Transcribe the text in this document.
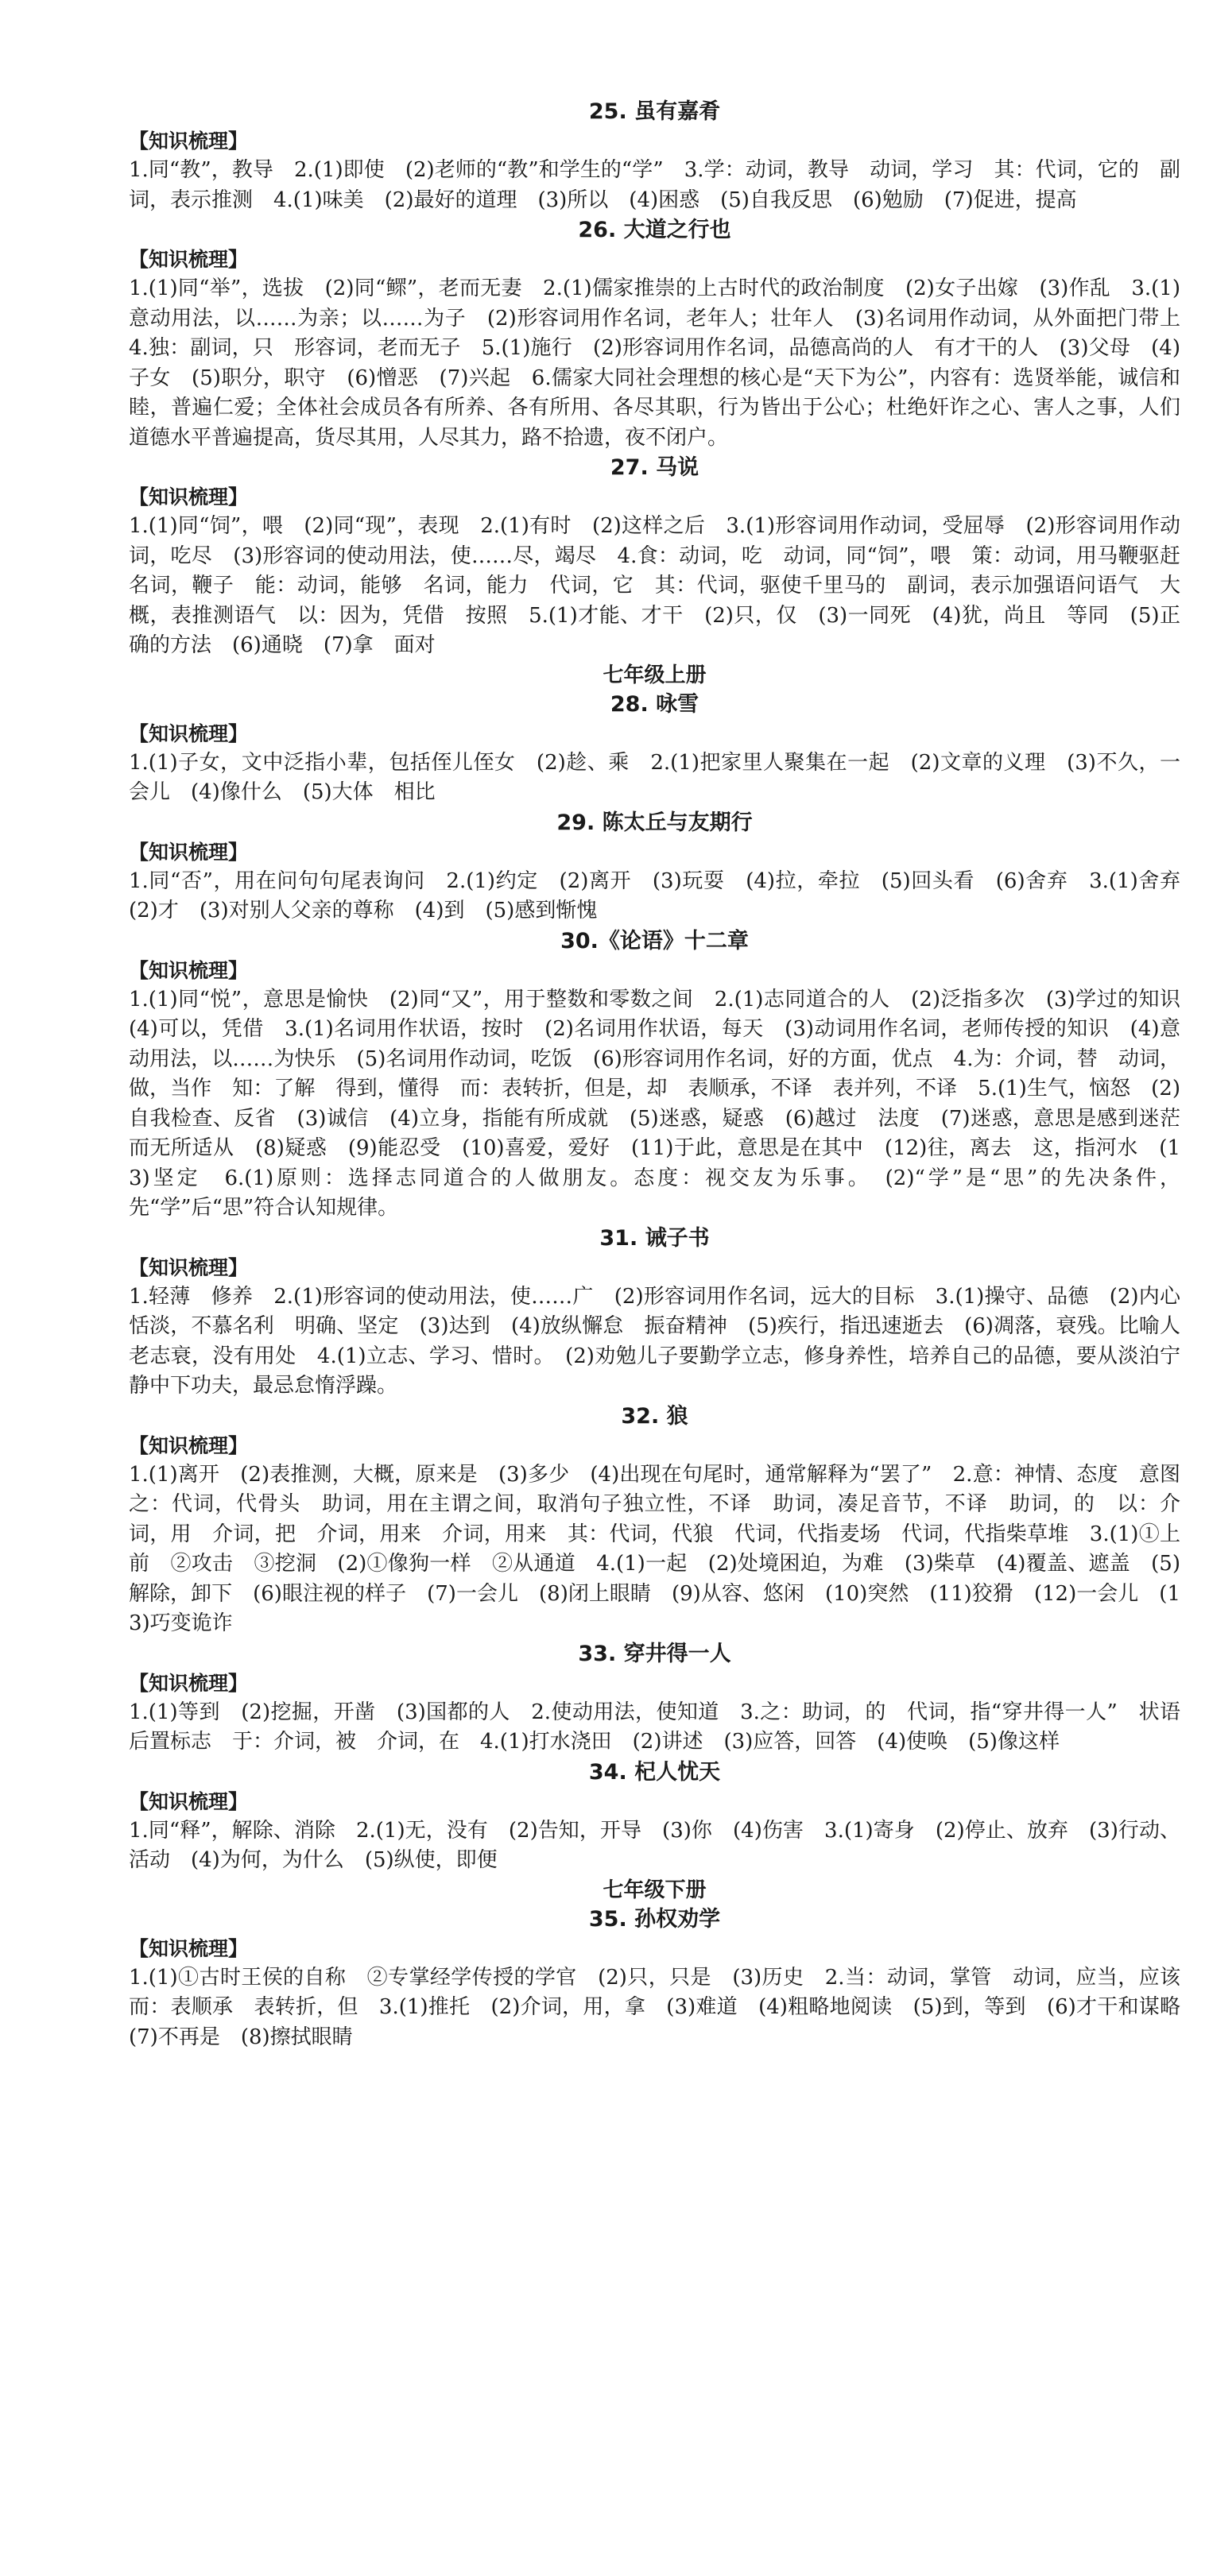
25. 虽有嘉肴

【知识梳理】

1.同“教”，教导　2.(1)即使　(2)老师的“教”和学生的“学”　3.学：动词，教导　动词，学习　其：代词，它的　副词，表示推测　4.(1)味美　(2)最好的道理　(3)所以　(4)困惑　(5)自我反思　(6)勉励　(7)促进，提高

26. 大道之行也

【知识梳理】

1.(1)同“举”，选拔　(2)同“鳏”，老而无妻　2.(1)儒家推崇的上古时代的政治制度　(2)女子出嫁　(3)作乱　3.(1)意动用法，以……为亲；以……为子　(2)形容词用作名词，老年人；壮年人　(3)名词用作动词，从外面把门带上　4.独：副词，只　形容词，老而无子　5.(1)施行　(2)形容词用作名词，品德高尚的人　有才干的人　(3)父母　(4)子女　(5)职分，职守　(6)憎恶　(7)兴起　6.儒家大同社会理想的核心是“天下为公”，内容有：选贤举能，诚信和睦，普遍仁爱；全体社会成员各有所养、各有所用、各尽其职，行为皆出于公心；杜绝奸诈之心、害人之事，人们道德水平普遍提高，货尽其用，人尽其力，路不拾遗，夜不闭户。

27. 马说

【知识梳理】

1.(1)同“饲”，喂　(2)同“现”，表现　2.(1)有时　(2)这样之后　3.(1)形容词用作动词，受屈辱　(2)形容词用作动词，吃尽　(3)形容词的使动用法，使……尽，竭尽　4.食：动词，吃　动词，同“饲”，喂　策：动词，用马鞭驱赶　名词，鞭子　能：动词，能够　名词，能力　代词，它　其：代词，驱使千里马的　副词，表示加强语问语气　大概，表推测语气　以：因为，凭借　按照　5.(1)才能、才干　(2)只，仅　(3)一同死　(4)犹，尚且　等同　(5)正确的方法　(6)通晓　(7)拿　面对

七年级上册

28. 咏雪

【知识梳理】

1.(1)子女，文中泛指小辈，包括侄儿侄女　(2)趁、乘　2.(1)把家里人聚集在一起　(2)文章的义理　(3)不久，一会儿　(4)像什么　(5)大体　相比

29. 陈太丘与友期行

【知识梳理】

1.同“否”，用在问句句尾表询问　2.(1)约定　(2)离开　(3)玩耍　(4)拉，牵拉　(5)回头看　(6)舍弃　3.(1)舍弃　(2)才　(3)对别人父亲的尊称　(4)到　(5)感到惭愧

30.《论语》十二章

【知识梳理】

1.(1)同“悦”，意思是愉快　(2)同“又”，用于整数和零数之间　2.(1)志同道合的人　(2)泛指多次　(3)学过的知识　(4)可以，凭借　3.(1)名词用作状语，按时　(2)名词用作状语，每天　(3)动词用作名词，老师传授的知识　(4)意动用法，以……为快乐　(5)名词用作动词，吃饭　(6)形容词用作名词，好的方面，优点　4.为：介词，替　动词，做，当作　知：了解　得到，懂得　而：表转折，但是，却　表顺承，不译　表并列，不译　5.(1)生气，恼怒　(2)自我检查、反省　(3)诚信　(4)立身，指能有所成就　(5)迷惑，疑惑　(6)越过　法度　(7)迷惑，意思是感到迷茫而无所适从　(8)疑惑　(9)能忍受　(10)喜爱，爱好　(11)于此，意思是在其中　(12)往，离去　这，指河水　(13)坚定　6.(1)原则：选择志同道合的人做朋友。态度：视交友为乐事。　(2)“学”是“思”的先决条件，先“学”后“思”符合认知规律。

31. 诫子书

【知识梳理】

1.轻薄　修养　2.(1)形容词的使动用法，使……广　(2)形容词用作名词，远大的目标　3.(1)操守、品德　(2)内心恬淡，不慕名利　明确、坚定　(3)达到　(4)放纵懈怠　振奋精神　(5)疾行，指迅速逝去　(6)凋落，衰残。比喻人老志衰，没有用处　4.(1)立志、学习、惜时。　(2)劝勉儿子要勤学立志，修身养性，培养自己的品德，要从淡泊宁静中下功夫，最忌怠惰浮躁。

32. 狼

【知识梳理】

1.(1)离开　(2)表推测，大概，原来是　(3)多少　(4)出现在句尾时，通常解释为“罢了”　2.意：神情、态度　意图　之：代词，代骨头　助词，用在主谓之间，取消句子独立性，不译　助词，凑足音节，不译　助词，的　以：介词，用　介词，把　介词，用来　介词，用来　其：代词，代狼　代词，代指麦场　代词，代指柴草堆　3.(1)①上前　②攻击　③挖洞　(2)①像狗一样　②从通道　4.(1)一起　(2)处境困迫，为难　(3)柴草　(4)覆盖、遮盖　(5)解除，卸下　(6)眼注视的样子　(7)一会儿　(8)闭上眼睛　(9)从容、悠闲　(10)突然　(11)狡猾　(12)一会儿　(13)巧变诡诈

33. 穿井得一人

【知识梳理】

1.(1)等到　(2)挖掘，开凿　(3)国都的人　2.使动用法，使知道　3.之：助词，的　代词，指“穿井得一人”　状语后置标志　于：介词，被　介词，在　4.(1)打水浇田　(2)讲述　(3)应答，回答　(4)使唤　(5)像这样

34. 杞人忧天

【知识梳理】

1.同“释”，解除、消除　2.(1)无，没有　(2)告知，开导　(3)你　(4)伤害　3.(1)寄身　(2)停止、放弃　(3)行动、活动　(4)为何，为什么　(5)纵使，即便

七年级下册

35. 孙权劝学

【知识梳理】

1.(1)①古时王侯的自称　②专掌经学传授的学官　(2)只，只是　(3)历史　2.当：动词，掌管　动词，应当，应该　而：表顺承　表转折，但　3.(1)推托　(2)介词，用，拿　(3)难道　(4)粗略地阅读　(5)到，等到　(6)才干和谋略　(7)不再是　(8)擦拭眼睛
